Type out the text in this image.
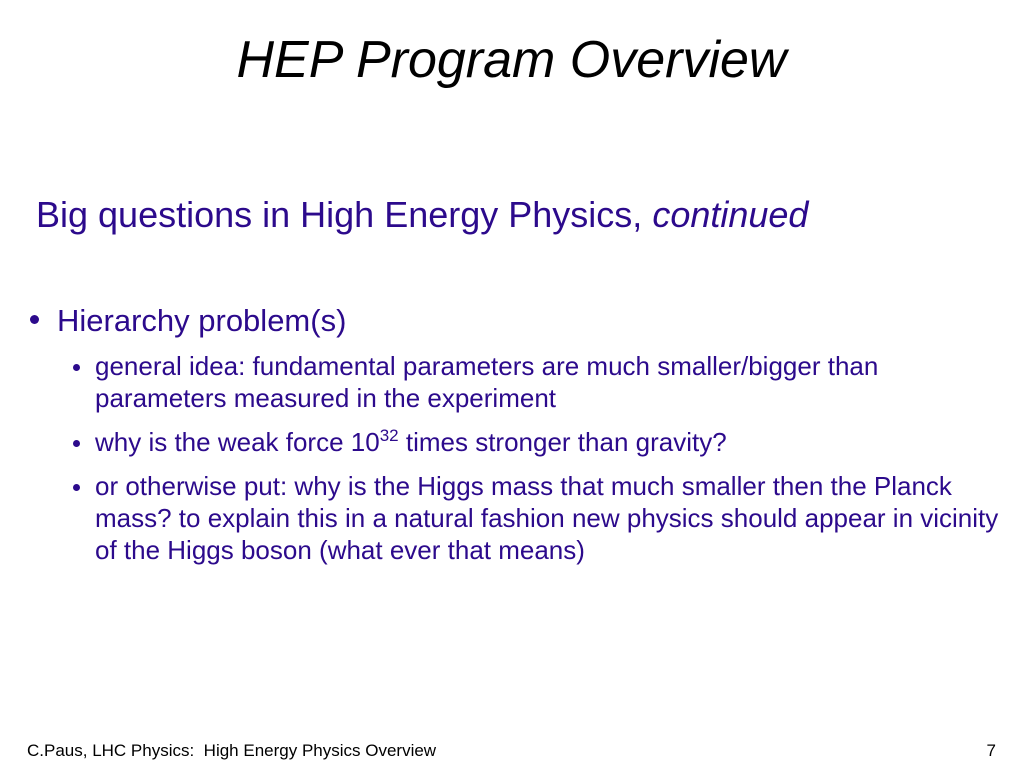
HEP Program Overview
Big questions in High Energy Physics, continued
Hierarchy problem(s)
general idea: fundamental parameters are much smaller/bigger than parameters measured in the experiment
why is the weak force $10^{32}$ times stronger than gravity?
or otherwise put: why is the Higgs mass that much smaller then the Planck mass? to explain this in a natural fashion new physics should appear in vicinity of the Higgs boson (what ever that means)
C.Paus, LHC Physics:  High Energy Physics Overview	7
